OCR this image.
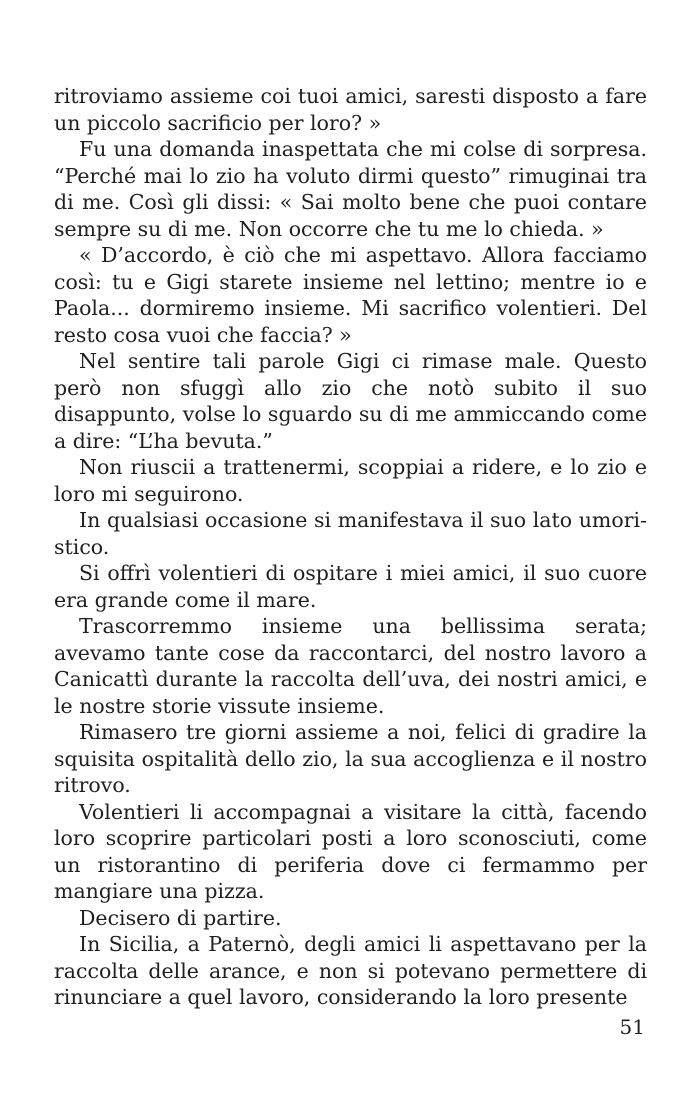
ritroviamo assieme coi tuoi amici, saresti disposto a fare un piccolo sacrificio per loro? »

Fu una domanda inaspettata che mi colse di sorpresa. “Perché mai lo zio ha voluto dirmi questo” rimuginai tra di me. Così gli dissi: « Sai molto bene che puoi contare sempre su di me. Non occorre che tu me lo chieda. »

« D’accordo, è ciò che mi aspettavo. Allora facciamo così: tu e Gigi starete insieme nel lettino; mentre io e Paola... dormiremo insieme. Mi sacrifico volentieri. Del resto cosa vuoi che faccia? »

Nel sentire tali parole Gigi ci rimase male. Questo però non sfuggì allo zio che notò subito il suo disappunto, volse lo sguardo su di me ammiccando come a dire: “L’ha bevuta.”

Non riuscii a trattenermi, scoppiai a ridere, e lo zio e loro mi seguirono.

In qualsiasi occasione si manifestava il suo lato umoristico.

Si offrì volentieri di ospitare i miei amici, il suo cuore era grande come il mare.

Trascorremmo insieme una bellissima serata; avevamo tante cose da raccontarci, del nostro lavoro a Canicattì durante la raccolta dell’uva, dei nostri amici, e le nostre storie vissute insieme.

Rimasero tre giorni assieme a noi, felici di gradire la squisita ospitalità dello zio, la sua accoglienza e il nostro ritrovo.

Volentieri li accompagnai a visitare la città, facendo loro scoprire particolari posti a loro sconosciuti, come un ristorantino di periferia dove ci fermammo per mangiare una pizza.

Decisero di partire.

In Sicilia, a Paternò, degli amici li aspettavano per la raccolta delle arance, e non si potevano permettere di rinunciare a quel lavoro, considerando la loro presente

51
